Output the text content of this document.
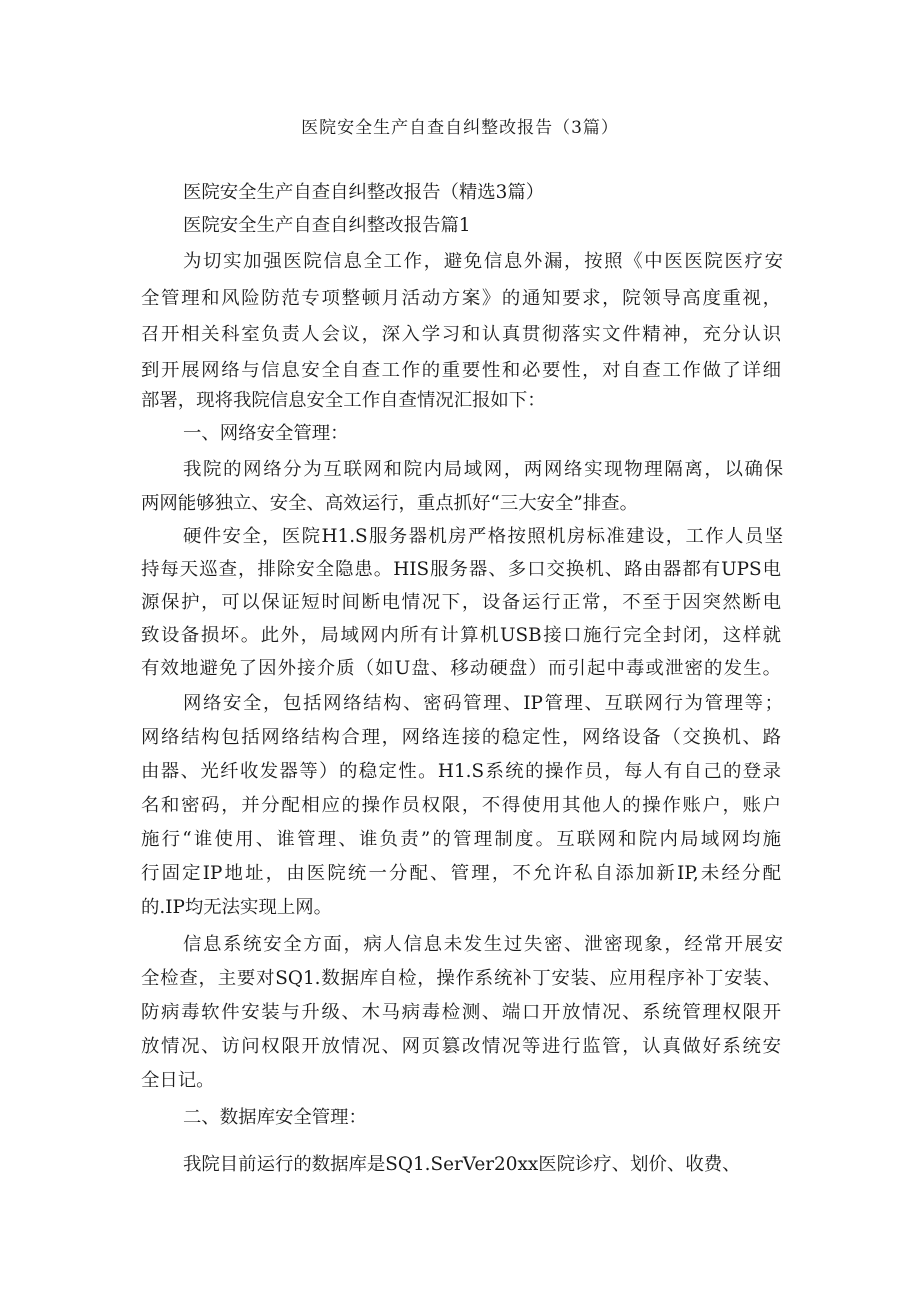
医院安全生产自查自纠整改报告（3篇）
医院安全生产自查自纠整改报告（精选3篇）
医院安全生产自查自纠整改报告篇1
为切实加强医院信息全工作，避免信息外漏，按照《中医医院医疗安
全管理和风险防范专项整顿月活动方案》的通知要求，院领导高度重视，
召开相关科室负责人会议，深入学习和认真贯彻落实文件精神，充分认识
到开展网络与信息安全自查工作的重要性和必要性，对自查工作做了详细
部署，现将我院信息安全工作自查情况汇报如下：
一、网络安全管理：
我院的网络分为互联网和院内局域网，两网络实现物理隔离，以确保
两网能够独立、安全、高效运行，重点抓好“三大安全”排查。
硬件安全，医院H1.S服务器机房严格按照机房标准建设，工作人员坚
持每天巡查，排除安全隐患。HIS服务器、多口交换机、路由器都有UPS电
源保护，可以保证短时间断电情况下，设备运行正常，不至于因突然断电
致设备损坏。此外，局域网内所有计算机USB接口施行完全封闭，这样就
有效地避免了因外接介质（如U盘、移动硬盘）而引起中毒或泄密的发生。
网络安全，包括网络结构、密码管理、IP管理、互联网行为管理等；
网络结构包括网络结构合理，网络连接的稳定性，网络设备（交换机、路
由器、光纤收发器等）的稳定性。H1.S系统的操作员，每人有自己的登录
名和密码，并分配相应的操作员权限，不得使用其他人的操作账户，账户
施行“谁使用、谁管理、谁负责”的管理制度。互联网和院内局域网均施
行固定IP地址，由医院统一分配、管理，不允许私自添加新IP,未经分配
的.IP均无法实现上网。
信息系统安全方面，病人信息未发生过失密、泄密现象，经常开展安
全检查，主要对SQ1.数据库自检，操作系统补丁安装、应用程序补丁安装、
防病毒软件安装与升级、木马病毒检测、端口开放情况、系统管理权限开
放情况、访问权限开放情况、网页篡改情况等进行监管，认真做好系统安
全日记。
二、数据库安全管理：
我院目前运行的数据库是SQ1.SerVer20xx医院诊疗、划价、收费、
